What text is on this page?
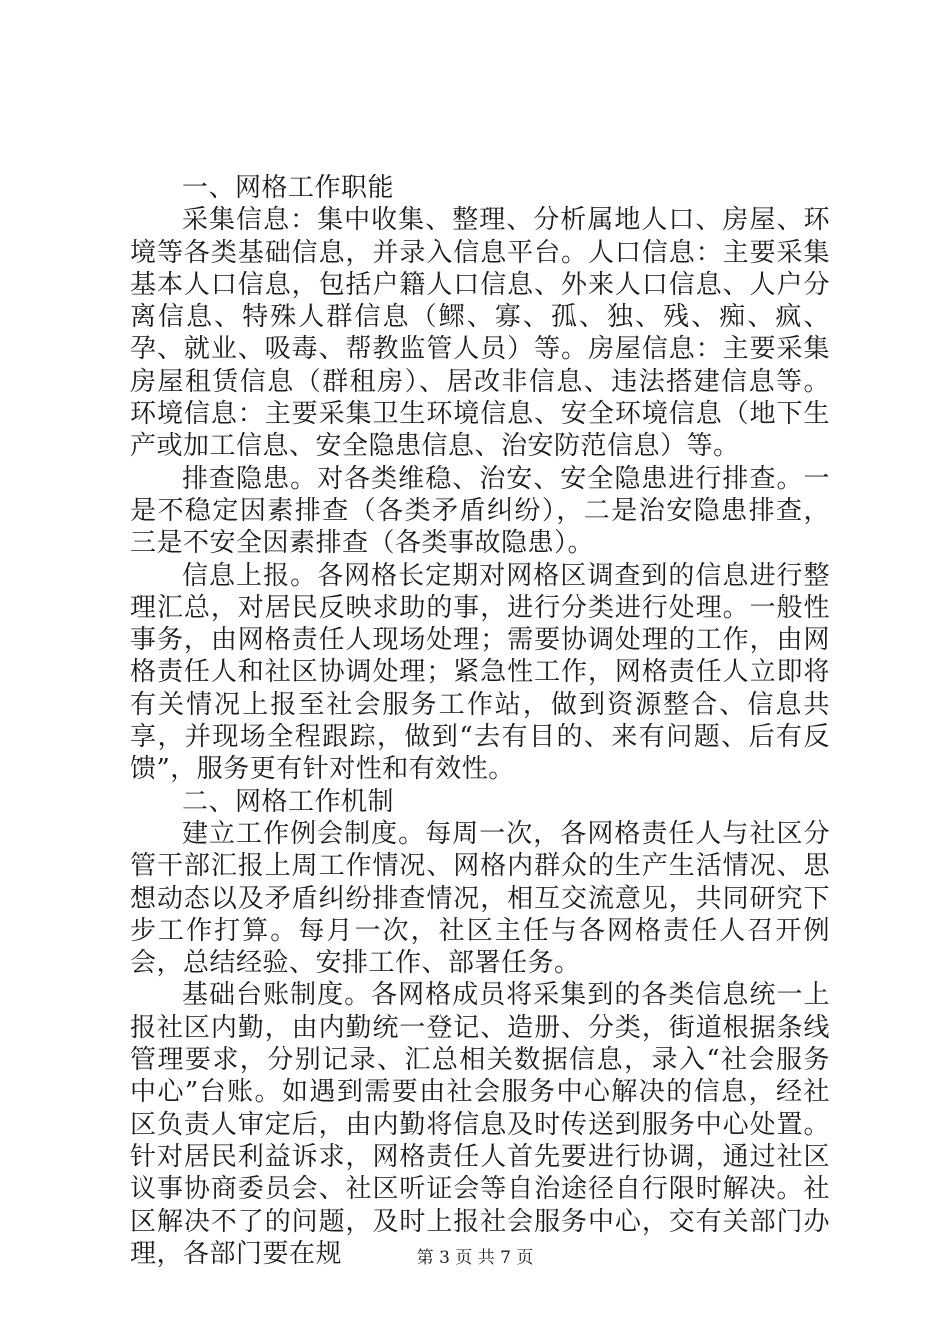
一、网格工作职能

采集信息：集中收集、整理、分析属地人口、房屋、环境等各类基础信息，并录入信息平台。人口信息：主要采集基本人口信息，包括户籍人口信息、外来人口信息、人户分离信息、特殊人群信息（鳏、寡、孤、独、残、痴、疯、孕、就业、吸毒、帮教监管人员）等。房屋信息：主要采集房屋租赁信息（群租房）、居改非信息、违法搭建信息等。环境信息：主要采集卫生环境信息、安全环境信息（地下生产或加工信息、安全隐患信息、治安防范信息）等。

排查隐患。对各类维稳、治安、安全隐患进行排查。一是不稳定因素排查（各类矛盾纠纷），二是治安隐患排查，三是不安全因素排查（各类事故隐患）。

信息上报。各网格长定期对网格区调查到的信息进行整理汇总，对居民反映求助的事，进行分类进行处理。一般性事务，由网格责任人现场处理；需要协调处理的工作，由网格责任人和社区协调处理；紧急性工作，网格责任人立即将有关情况上报至社会服务工作站，做到资源整合、信息共享，并现场全程跟踪，做到“去有目的、来有问题、后有反馈”，服务更有针对性和有效性。

二、网格工作机制

建立工作例会制度。每周一次，各网格责任人与社区分管干部汇报上周工作情况、网格内群众的生产生活情况、思想动态以及矛盾纠纷排查情况，相互交流意见，共同研究下步工作打算。每月一次，社区主任与各网格责任人召开例会，总结经验、安排工作、部署任务。

基础台账制度。各网格成员将采集到的各类信息统一上报社区内勤，由内勤统一登记、造册、分类，街道根据条线管理要求，分别记录、汇总相关数据信息，录入“社会服务中心”台账。如遇到需要由社会服务中心解决的信息，经社区负责人审定后，由内勤将信息及时传送到服务中心处置。针对居民利益诉求，网格责任人首先要进行协调，通过社区议事协商委员会、社区听证会等自治途径自行限时解决。社区解决不了的问题，及时上报社会服务中心，交有关部门办理，各部门要在规	第 3 页 共 7 页
